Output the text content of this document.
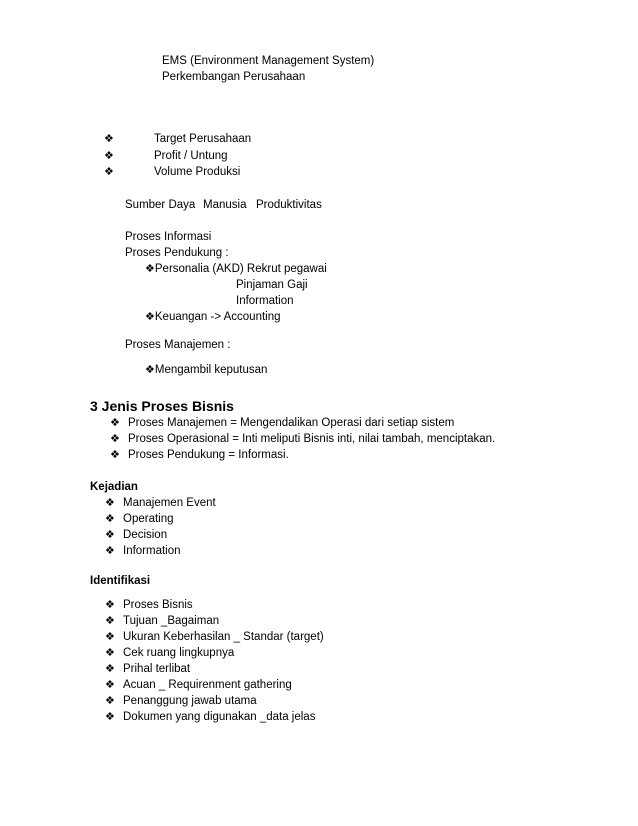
EMS (Environment Management System)
Perkembangan Perusahaan
❖	Target Perusahaan
❖	Profit / Untung
❖	Volume Produksi
Sumber Daya Manusia Produktivitas
Proses Informasi
Proses Pendukung :
❖Personalia (AKD) Rekrut pegawai
Pinjaman Gaji
Information
❖Keuangan -> Accounting
Proses Manajemen :
❖Mengambil keputusan
3 Jenis Proses Bisnis
❖ Proses Manajemen = Mengendalikan Operasi dari setiap sistem
❖ Proses Operasional = Inti meliputi Bisnis inti, nilai tambah, menciptakan.
❖ Proses Pendukung = Informasi.
Kejadian
❖ Manajemen Event
❖ Operating
❖ Decision
❖ Information
Identifikasi
❖ Proses Bisnis
❖ Tujuan _Bagaiman
❖ Ukuran Keberhasilan _ Standar (target)
❖ Cek ruang lingkupnya
❖ Prihal terlibat
❖ Acuan _ Requirenment gathering
❖ Penanggung jawab utama
❖ Dokumen yang digunakan _data jelas
